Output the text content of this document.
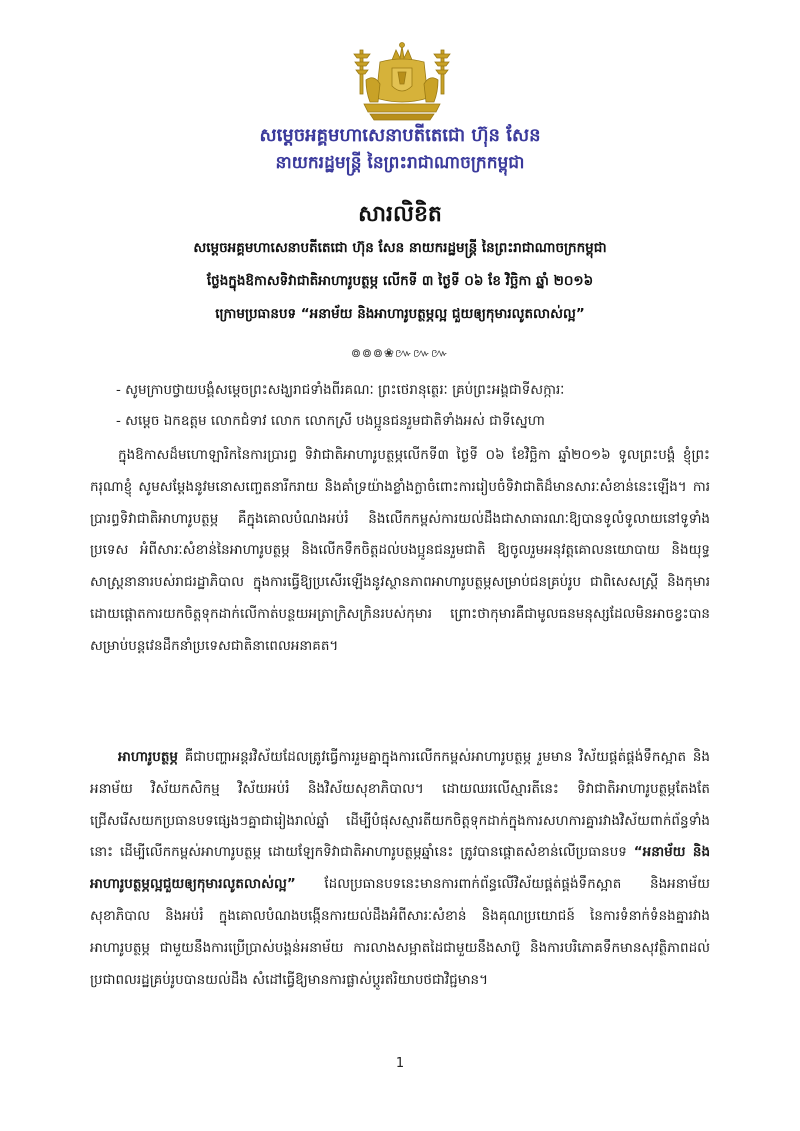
សម្ដេចអគ្គមហាសេនាបតីតេជោ ហ៊ុន សែន
នាយករដ្ឋមន្ត្រី នៃព្រះរាជាណាចក្រកម្ពុជា
សារលិខិត
សម្ដេចអគ្គមហាសេនាបតីតេជោ ហ៊ុន សែន នាយករដ្ឋមន្ត្រី នៃព្រះរាជាណាចក្រកម្ពុជា
ថ្លែងក្នុងឱកាសទិវាជាតិអាហារូបត្ថម្ភ លើកទី ៣ ថ្ងៃទី ០៦ ខែ វិច្ឆិកា ឆ្នាំ ២០១៦
ក្រោមប្រធានបទ “អនាម័យ និងអាហារូបត្ថម្ភល្អ ជួយឲ្យកុមារលូតលាស់ល្អ”
៙៙៙❀៚៚៚
- សូមក្រាបថ្វាយបង្គំសម្ដេចព្រះសង្ឃរាជទាំងពីរគណៈ ព្រះថេរានុត្ថេរៈ គ្រប់ព្រះអង្គជាទីសក្ការៈ
- សម្ដេច ឯកឧត្ដម លោកជំទាវ លោក លោកស្រី បងប្អូនជនរួមជាតិទាំងអស់ ជាទីស្នេហា
ក្នុងឱកាសដ៏មហោឡារិកនៃការប្រារព្ធ ទិវាជាតិអាហារូបត្ថម្ភលើកទី៣ ថ្ងៃទី ០៦ ខែវិច្ឆិកា ឆ្នាំ២០១៦ ទូលព្រះបង្គំ ខ្ញុំព្រះករុណាខ្ញុំ សូមសម្ដែងនូវមនោសញ្ចេតនារីករាយ និងគាំទ្រយ៉ាងខ្លាំងក្លាចំពោះការរៀបចំទិវាជាតិដ៏មានសារៈសំខាន់នេះឡើង។ ការប្រារព្ធទិវាជាតិអាហារូបត្ថម្ភ គឺក្នុងគោលបំណងអប់រំ និងលើកកម្ពស់ការយល់ដឹងជាសាធារណៈឱ្យបានទូលំទូលាយនៅទូទាំងប្រទេស អំពីសារៈសំខាន់នៃអាហារូបត្ថម្ភ និងលើកទឹកចិត្តដល់បងប្អូនជនរួមជាតិ ឱ្យចូលរួមអនុវត្តគោលនយោបាយ និងយុទ្ធសាស្ត្រនានារបស់រាជរដ្ឋាភិបាល ក្នុងការធ្វើឱ្យប្រសើរឡើងនូវស្ថានភាពអាហារូបត្ថម្ភសម្រាប់ជនគ្រប់រូប ជាពិសេសស្ត្រី និងកុមារ ដោយផ្ដោតការយកចិត្តទុកដាក់លើកាត់បន្ថយអត្រាក្រិសក្រិនរបស់កុមារ ព្រោះថាកុមារគឺជាមូលធនមនុស្សដែលមិនអាចខ្វះបានសម្រាប់បន្តវេនដឹកនាំប្រទេសជាតិនាពេលអនាគត។
អាហារូបត្ថម្ភ គឺជាបញ្ហាអន្តរវិស័យដែលត្រូវធ្វើការរួមគ្នាក្នុងការលើកកម្ពស់អាហារូបត្ថម្ភ រួមមាន វិស័យផ្គត់ផ្គង់ទឹកស្អាត និងអនាម័យ វិស័យកសិកម្ម វិស័យអប់រំ និងវិស័យសុខាភិបាល។ ដោយឈរលើស្មារតីនេះ ទិវាជាតិអាហារូបត្ថម្ភតែងតែជ្រើសរើសយកប្រធានបទផ្សេងៗគ្នាជារៀងរាល់ឆ្នាំ ដើម្បីបំផុសស្មារតីយកចិត្តទុកដាក់ក្នុងការសហការគ្នារវាងវិស័យពាក់ព័ន្ធទាំងនោះ ដើម្បីលើកកម្ពស់អាហារូបត្ថម្ភ ដោយឡែកទិវាជាតិអាហារូបត្ថម្ភឆ្នាំនេះ ត្រូវបានផ្ដោតសំខាន់លើប្រធានបទ “អនាម័យ និងអាហារូបត្ថម្ភល្អជួយឲ្យកុមារលូតលាស់ល្អ” ដែលប្រធានបទនេះមានការពាក់ព័ន្ធលើវិស័យផ្គត់ផ្គង់ទឹកស្អាត និងអនាម័យ សុខាភិបាល និងអប់រំ ក្នុងគោលបំណងបង្កើនការយល់ដឹងអំពីសារៈសំខាន់ និងគុណប្រយោជន៍ នៃការទំនាក់ទំនងគ្នារវាងអាហារូបត្ថម្ភ ជាមួយនឹងការប្រើប្រាស់បង្គន់អនាម័យ ការលាងសម្អាតដៃជាមួយនឹងសាប៊ូ និងការបរិភោគទឹកមានសុវត្ថិភាពដល់ប្រជាពលរដ្ឋគ្រប់រូបបានយល់ដឹង សំដៅធ្វើឱ្យមានការផ្លាស់ប្ដូរឥរិយាបថជាវិជ្ជមាន។
1
